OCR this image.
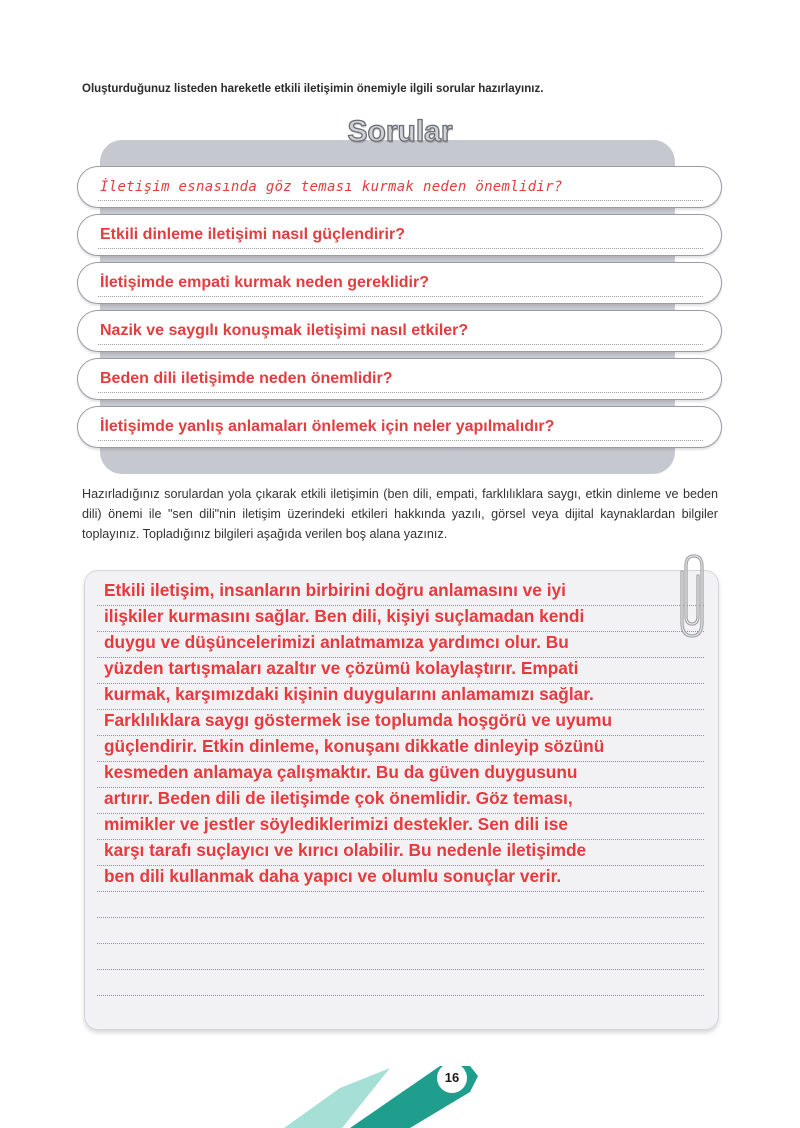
Oluşturduğunuz listeden hareketle etkili iletişimin önemiyle ilgili sorular hazırlayınız.
Sorular
İletişim esnasında göz teması kurmak neden önemlidir?
Etkili dinleme iletişimi nasıl güçlendirir?
İletişimde empati kurmak neden gereklidir?
Nazik ve saygılı konuşmak iletişimi nasıl etkiler?
Beden dili iletişimde neden önemlidir?
İletişimde yanlış anlamaları önlemek için neler yapılmalıdır?
Hazırladığınız sorulardan yola çıkarak etkili iletişimin (ben dili, empati, farklılıklara saygı, etkin dinleme ve beden dili) önemi ile "sen dili"nin iletişim üzerindeki etkileri hakkında yazılı, görsel veya dijital kaynaklardan bilgiler toplayınız. Topladığınız bilgileri aşağıda verilen boş alana yazınız.
Etkili iletişim, insanların birbirini doğru anlamasını ve iyi
ilişkiler kurmasını sağlar. Ben dili, kişiyi suçlamadan kendi
duygu ve düşüncelerimizi anlatmamıza yardımcı olur. Bu
yüzden tartışmaları azaltır ve çözümü kolaylaştırır. Empati
kurmak, karşımızdaki kişinin duygularını anlamamızı sağlar.
Farklılıklara saygı göstermek ise toplumda hoşgörü ve uyumu
güçlendirir. Etkin dinleme, konuşanı dikkatle dinleyip sözünü
kesmeden anlamaya çalışmaktır. Bu da güven duygusunu
artırır. Beden dili de iletişimde çok önemlidir. Göz teması,
mimikler ve jestler söylediklerimizi destekler. Sen dili ise
karşı tarafı suçlayıcı ve kırıcı olabilir. Bu nedenle iletişimde
ben dili kullanmak daha yapıcı ve olumlu sonuçlar verir.
16
